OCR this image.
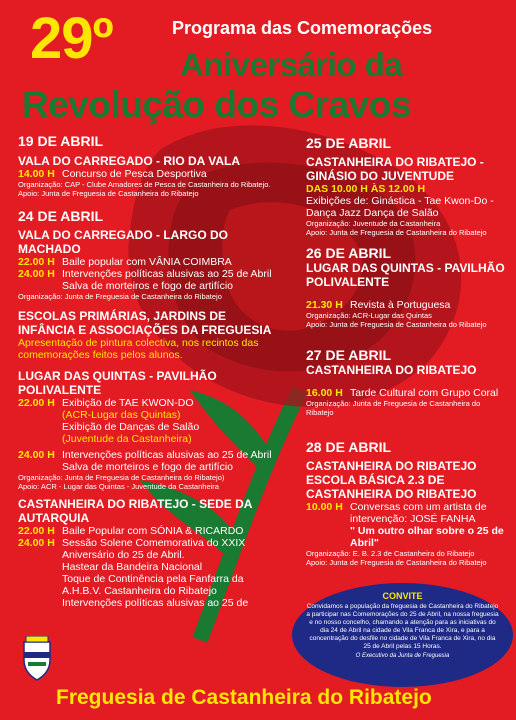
29º	Programa das Comemorações
Aniversário da
Revolução dos Cravos
19 DE ABRIL
VALA DO CARREGADO - RIO DA VALA
14.00 H Concurso de Pesca Desportiva
Organização: CAP - Clube Amadores de Pesca de Castanheira do Ribatejo.
Apoio: Junta de Freguesia de Castanheira do Ribatejo
24 DE ABRIL
VALA DO CARREGADO - LARGO DO MACHADO
22.00 H Baile popular com VÂNIA COIMBRA
24.00 H Intervenções políticas alusivas ao 25 de Abril
Salva de morteiros e fogo de artifício
Organização: Junta de Freguesia de Castanheira do Ribatejo
ESCOLAS PRIMÁRIAS, JARDINS DE INFÂNCIA E ASSOCIAÇÕES DA FREGUESIA
Apresentação de pintura colectiva, nos recintos das comemorações feitos pelos alunos.
LUGAR DAS QUINTAS - PAVILHÃO POLIVALENTE
22.00 H Exibição de TAE KWON-DO
(ACR-Lugar das Quintas)
Exibição de Danças de Salão
(Juventude da Castanheira)
24.00 H Intervenções políticas alusivas ao 25 de Abril
Salva de morteiros e fogo de artifício
Organização: Junta de Freguesia de Castanheira do Ribatejo)
Apoio: ACR - Lugar das Quintas - Juventude da Castanheira
CASTANHEIRA DO RIBATEJO - SEDE DA AUTARQUIA
22.00 H Baile Popular com SÓNIA & RICARDO
24.00 H Sessão Solene Comemorativa do XXIX Aniversário do 25 de Abril.
Hastear da Bandeira Nacional
Toque de Continência pela Fanfarra da A.H.B.V. Castanheira do Ribatejo
Intervenções políticas alusivas ao 25 de
25 DE ABRIL
CASTANHEIRA DO RIBATEJO - GINÁSIO DO JUVENTUDE
DAS 10.00 H ÀS 12.00 H
Exibições de: Ginástica - Tae Kwon-Do - Dança Jazz Dança de Salão
Organização: Juventude da Castanheira
Apoio: Junta de Freguesia de Castanheira do Ribatejo
26 DE ABRIL
LUGAR DAS QUINTAS - PAVILHÃO POLIVALENTE
21.30 H Revista à Portuguesa
Organização: ACR-Lugar das Quintas
Apoio: Junta de Freguesia de Castanheira do Ribatejo
27 DE ABRIL
CASTANHEIRA DO RIBATEJO
16.00 H Tarde Cultural com Grupo Coral
Organização: Junta de Freguesia de Castanheira do Ribatejo
28 DE ABRIL
CASTANHEIRA DO RIBATEJO ESCOLA BÁSICA 2.3 DE CASTANHEIRA DO RIBATEJO
10.00 H Conversas com um artista de intervenção: JOSÉ FANHA
" Um outro olhar sobre o 25 de Abril"
Organização: E. B. 2.3 de Castanheira do Ribatejo
Apoio: Junta de Freguesia de Castanheira do Ribatejo
CONVITE
Convidamos a população da freguesia de Castanheira do Ribatejo a participar nas Comemorações do 25 de Abril, na nossa freguesia e no nosso concelho, chamando a atenção para as iniciativas do dia 24 de Abril na cidade de Vila Franca de Xira, e para a concentração do desfile no cidade de Vila Franca de Xira, no dia 25 de Abril pelas 15 Horas.
O Executivo da Junta de Freguesia
Freguesia de Castanheira do Ribatejo
